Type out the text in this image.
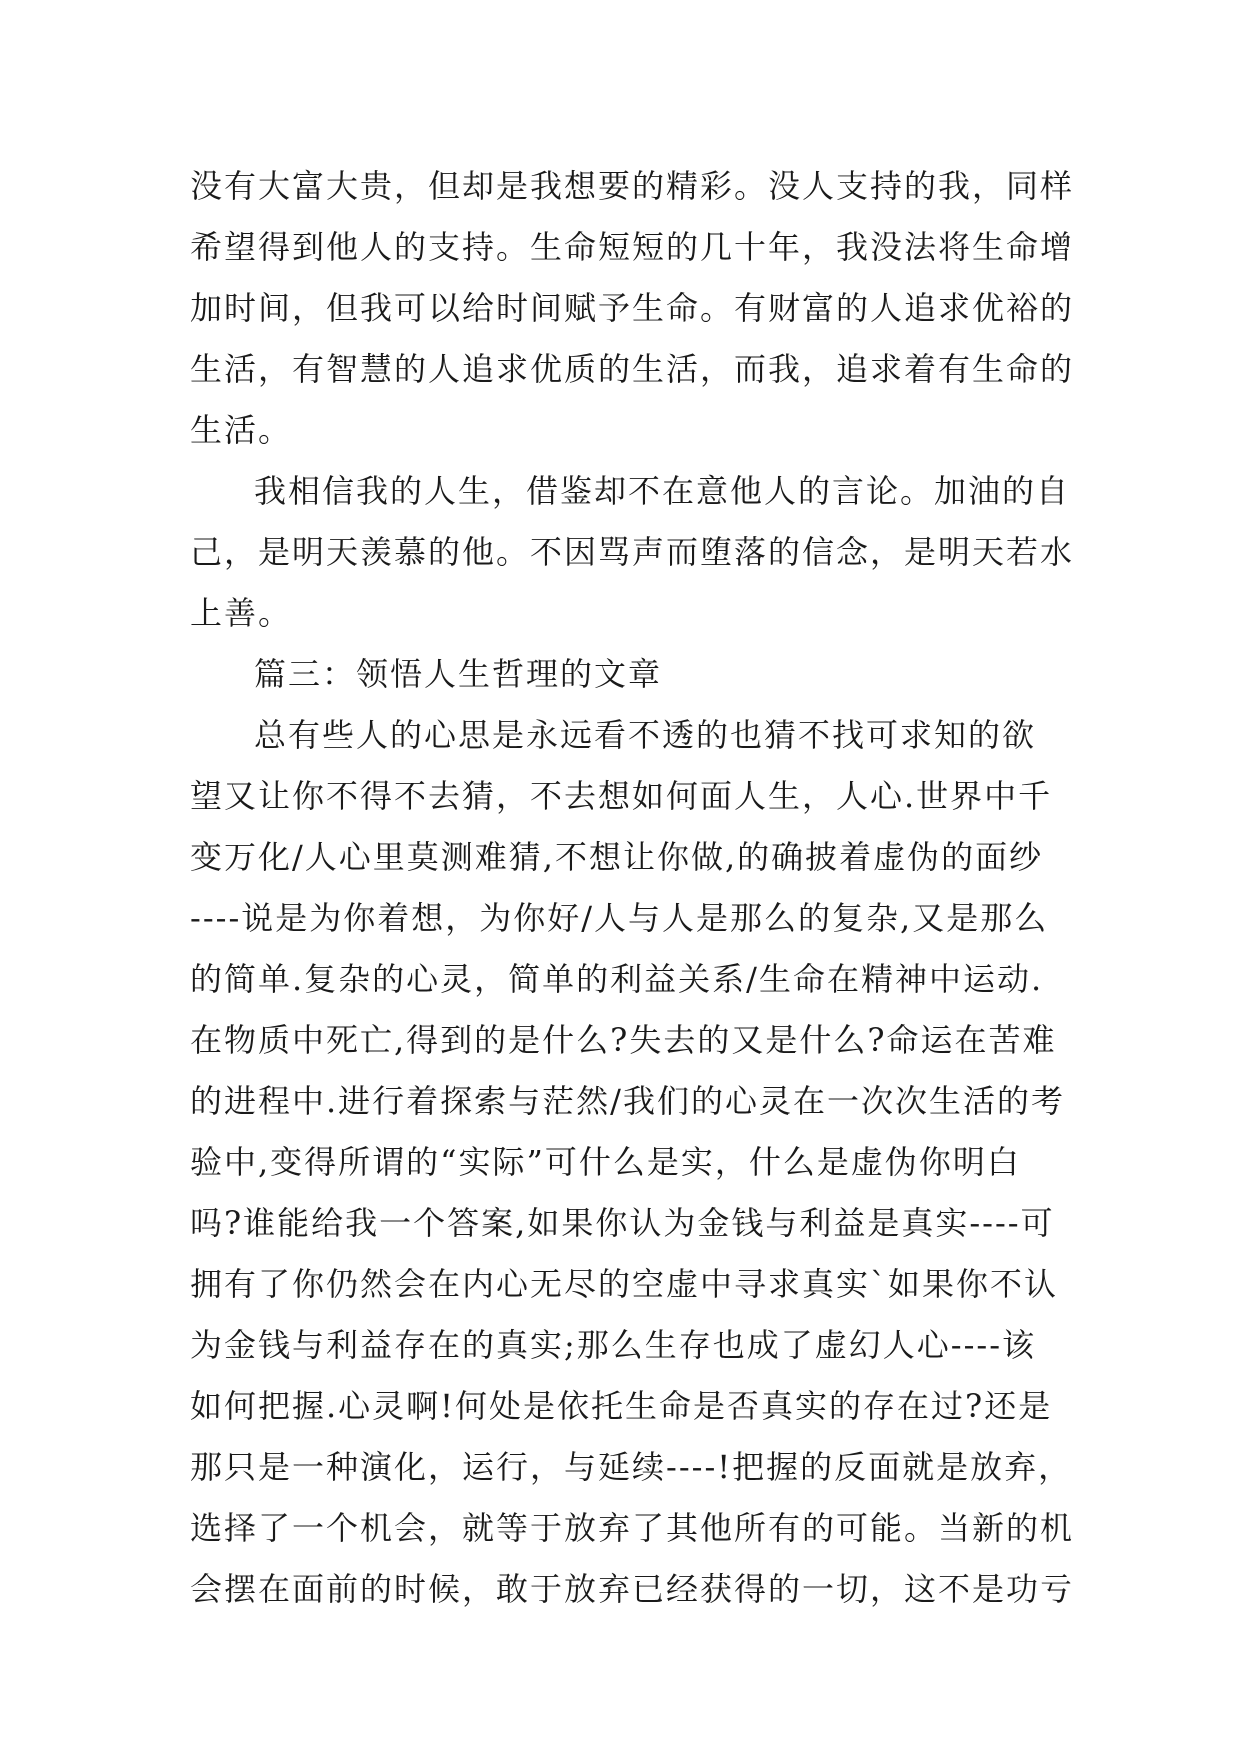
没有大富大贵，但却是我想要的精彩。没人支持的我，同样
希望得到他人的支持。生命短短的几十年，我没法将生命增
加时间，但我可以给时间赋予生命。有财富的人追求优裕的
生活，有智慧的人追求优质的生活，而我，追求着有生命的
生活。
我相信我的人生，借鉴却不在意他人的言论。加油的自
己，是明天羡慕的他。不因骂声而堕落的信念，是明天若水
上善。
篇三：领悟人生哲理的文章
总有些人的心思是永远看不透的也猜不找可求知的欲
望又让你不得不去猜，不去想如何面人生，人心.世界中千
变万化/人心里莫测难猜,不想让你做,的确披着虚伪的面纱
----说是为你着想，为你好/人与人是那么的复杂,又是那么
的简单.复杂的心灵，简单的利益关系/生命在精神中运动.
在物质中死亡,得到的是什么?失去的又是什么?命运在苦难
的进程中.进行着探索与茫然/我们的心灵在一次次生活的考
验中,变得所谓的“实际”可什么是实，什么是虚伪你明白
吗?谁能给我一个答案,如果你认为金钱与利益是真实----可
拥有了你仍然会在内心无尽的空虚中寻求真实`如果你不认
为金钱与利益存在的真实;那么生存也成了虚幻人心----该
如何把握.心灵啊!何处是依托生命是否真实的存在过?还是
那只是一种演化，运行，与延续----!把握的反面就是放弃，
选择了一个机会，就等于放弃了其他所有的可能。当新的机
会摆在面前的时候，敢于放弃已经获得的一切，这不是功亏
